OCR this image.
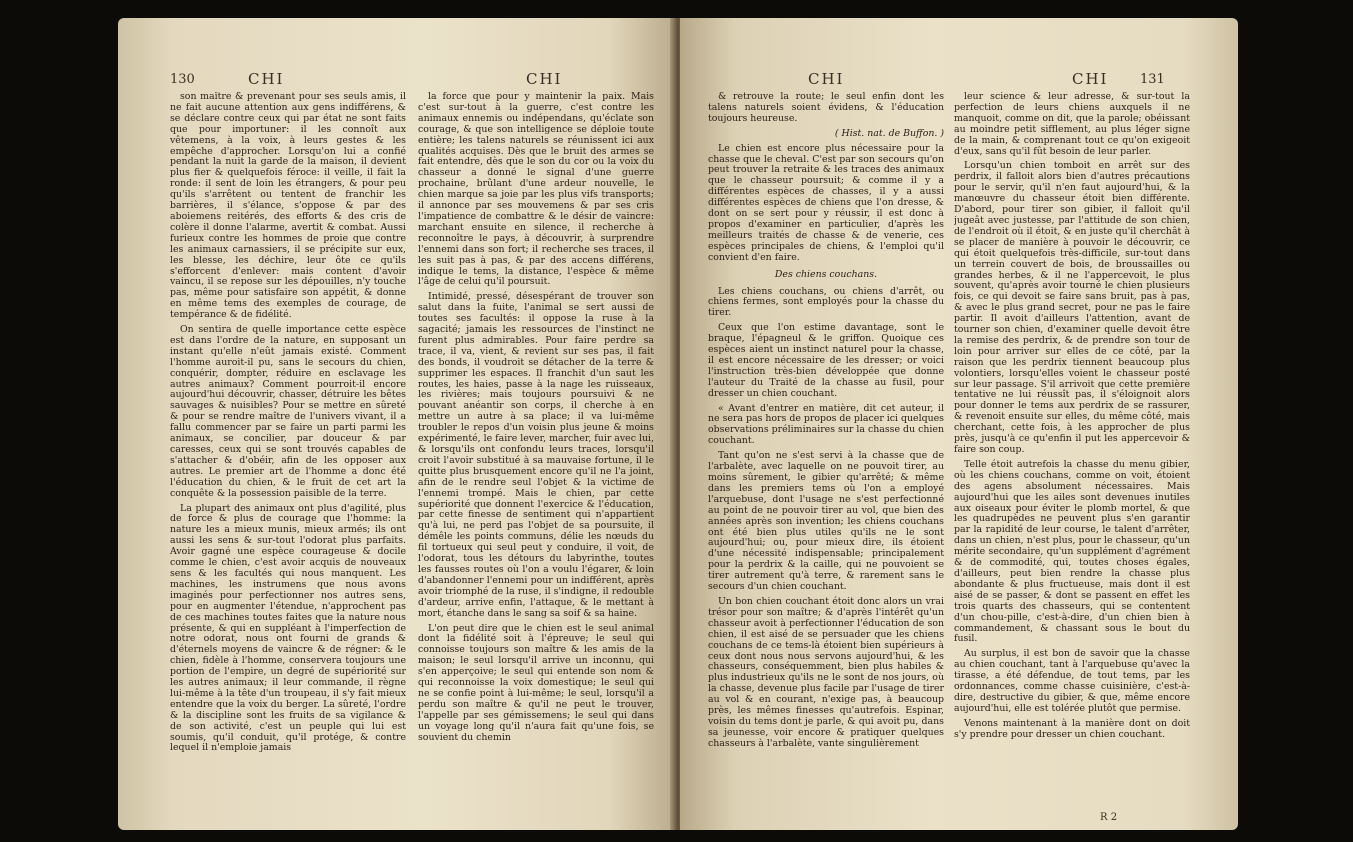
130	CHI	CHI

son maître & prevenant pour ses seuls amis, il ne fait aucune attention aux gens indifférens, & se déclare contre ceux qui par état ne sont faits que pour importuner: il les connoît aux vêtemens, à la voix, à leurs gestes & les empêche d'approcher. Lorsqu'on lui a confié pendant la nuit la garde de la maison, il devient plus fier & quelquefois féroce: il veille, il fait la ronde: il sent de loin les étrangers, & pour peu qu'ils s'arrêtent ou tentent de franchir les barrières, il s'élance, s'oppose & par des aboiemens reitérés, des efforts & des cris de colère il donne l'alarme, avertit & combat. Aussi furieux contre les hommes de proie que contre les animaux carnassiers, il se précipite sur eux, les blesse, les déchire, leur ôte ce qu'ils s'efforcent d'enlever: mais content d'avoir vaincu, il se repose sur les dépouilles, n'y touche pas, même pour satisfaire son appétit, & donne en même tems des exemples de courage, de tempérance & de fidélité.

On sentira de quelle importance cette espèce est dans l'ordre de la nature, en supposant un instant qu'elle n'eût jamais existé. Comment l'homme auroit-il pu, sans le secours du chien, conquérir, dompter, réduire en esclavage les autres animaux? Comment pourroit-il encore aujourd'hui découvrir, chasser, détruire les bêtes sauvages & nuisibles? Pour se mettre en sûreté & pour se rendre maître de l'univers vivant, il a fallu commencer par se faire un parti parmi les animaux, se concilier, par douceur & par caresses, ceux qui se sont trouvés capables de s'attacher & d'obéir, afin de les opposer aux autres. Le premier art de l'homme a donc été l'éducation du chien, & le fruit de cet art la conquête & la possession paisible de la terre.

La plupart des animaux ont plus d'agilité, plus de force & plus de courage que l'homme: la nature les a mieux munis, mieux armés; ils ont aussi les sens & sur-tout l'odorat plus parfaits. Avoir gagné une espèce courageuse & docile comme le chien, c'est avoir acquis de nouveaux sens & les facultés qui nous manquent. Les machines, les instrumens que nous avons imaginés pour perfectionner nos autres sens, pour en augmenter l'étendue, n'approchent pas de ces machines toutes faites que la nature nous présente, & qui en suppléant à l'imperfection de notre odorat, nous ont fourni de grands & d'éternels moyens de vaincre & de régner: & le chien, fidèle à l'homme, conservera toujours une portion de l'empire, un degré de supériorité sur les autres animaux; il leur commande, il règne lui-même à la tête d'un troupeau, il s'y fait mieux entendre que la voix du berger. La sûreté, l'ordre & la discipline sont les fruits de sa vigilance & de son activité, c'est un peuple qui lui est soumis, qu'il conduit, qu'il protége, & contre lequel il n'emploie jamais

la force que pour y maintenir la paix. Mais c'est sur-tout à la guerre, c'est contre les animaux ennemis ou indépendans, qu'éclate son courage, & que son intelligence se déploie toute entière; les talens naturels se réunissent ici aux qualités acquises. Dès que le bruit des armes se fait entendre, dès que le son du cor ou la voix du chasseur a donné le signal d'une guerre prochaine, brûlant d'une ardeur nouvelle, le chien marque sa joie par les plus vifs transports; il annonce par ses mouvemens & par ses cris l'impatience de combattre & le désir de vaincre: marchant ensuite en silence, il recherche à reconnoître le pays, à découvrir, à surprendre l'ennemi dans son fort; il recherche ses traces, il les suit pas à pas, & par des accens différens, indique le tems, la distance, l'espèce & même l'âge de celui qu'il poursuit.

Intimidé, pressé, désespérant de trouver son salut dans la fuite, l'animal se sert aussi de toutes ses facultés: il oppose la ruse à la sagacité; jamais les ressources de l'instinct ne furent plus admirables. Pour faire perdre sa trace, il va, vient, & revient sur ses pas, il fait des bonds, il voudroit se détacher de la terre & supprimer les espaces. Il franchit d'un saut les routes, les haies, passe à la nage les ruisseaux, les rivières; mais toujours poursuivi & ne pouvant anéantir son corps, il cherche à en mettre un autre à sa place; il va lui-même troubler le repos d'un voisin plus jeune & moins expérimenté, le faire lever, marcher, fuir avec lui, & lorsqu'ils ont confondu leurs traces, lorsqu'il croit l'avoir substitué à sa mauvaise fortune, il le quitte plus brusquement encore qu'il ne l'a joint, afin de le rendre seul l'objet & la victime de l'ennemi trompé. Mais le chien, par cette supériorité que donnent l'exercice & l'éducation, par cette finesse de sentiment qui n'appartient qu'à lui, ne perd pas l'objet de sa poursuite, il démêle les points communs, délie les nœuds du fil tortueux qui seul peut y conduire, il voit, de l'odorat, tous les détours du labyrinthe, toutes les fausses routes où l'on a voulu l'égarer, & loin d'abandonner l'ennemi pour un indifférent, après avoir triomphé de la ruse, il s'indigne, il redouble d'ardeur, arrive enfin, l'attaque, & le mettant à mort, étanche dans le sang sa soif & sa haine.

L'on peut dire que le chien est le seul animal dont la fidélité soit à l'épreuve; le seul qui connoisse toujours son maître & les amis de la maison; le seul lorsqu'il arrive un inconnu, qui s'en apperçoive; le seul qui entende son nom & qui reconnoisse la voix domestique; le seul qui ne se confie point à lui-même; le seul, lorsqu'il a perdu son maître & qu'il ne peut le trouver, l'appelle par ses gémissemens; le seul qui dans un voyage long qu'il n'aura fait qu'une fois, se souvient du chemin

CHI	CHI 131

& retrouve la route; le seul enfin dont les talens naturels soient évidens, & l'éducation toujours heureuse.

( Hist. nat. de Buffon. )

Le chien est encore plus nécessaire pour la chasse que le cheval. C'est par son secours qu'on peut trouver la retraite & les traces des animaux que le chasseur poursuit; & comme il y a différentes espèces de chasses, il y a aussi différentes espèces de chiens que l'on dresse, & dont on se sert pour y réussir, il est donc à propos d'examiner en particulier, d'après les meilleurs traités de chasse & de venerie, ces espèces principales de chiens, & l'emploi qu'il convient d'en faire.

Des chiens couchans.

Les chiens couchans, ou chiens d'arrêt, ou chiens fermes, sont employés pour la chasse du tirer.

Ceux que l'on estime davantage, sont le braque, l'épagneul & le griffon. Quoique ces espèces aient un instinct naturel pour la chasse, il est encore nécessaire de les dresser; or voici l'instruction très-bien développée que donne l'auteur du Traité de la chasse au fusil, pour dresser un chien couchant.

« Avant d'entrer en matière, dit cet auteur, il ne sera pas hors de propos de placer ici quelques observations préliminaires sur la chasse du chien couchant.

Tant qu'on ne s'est servi à la chasse que de l'arbalète, avec laquelle on ne pouvoit tirer, au moins sûrement, le gibier qu'arrêté; & même dans les premiers tems où l'on a employé l'arquebuse, dont l'usage ne s'est perfectionné au point de ne pouvoir tirer au vol, que bien des années après son invention; les chiens couchans ont été bien plus utiles qu'ils ne le sont aujourd'hui; ou, pour mieux dire, ils étoient d'une nécessité indispensable; principalement pour la perdrix & la caille, qui ne pouvoient se tirer autrement qu'à terre, & rarement sans le secours d'un chien couchant.

Un bon chien couchant étoit donc alors un vrai trésor pour son maître; & d'après l'intérêt qu'un chasseur avoit à perfectionner l'éducation de son chien, il est aisé de se persuader que les chiens couchans de ce tems-là étoient bien supérieurs à ceux dont nous nous servons aujourd'hui, & les chasseurs, conséquemment, bien plus habiles & plus industrieux qu'ils ne le sont de nos jours, où la chasse, devenue plus facile par l'usage de tirer au vol & en courant, n'exige pas, à beaucoup près, les mêmes finesses qu'autrefois. Espinar, voisin du tems dont je parle, & qui avoit pu, dans sa jeunesse, voir encore & pratiquer quelques chasseurs à l'arbalète, vante singulièrement

leur science & leur adresse, & sur-tout la perfection de leurs chiens auxquels il ne manquoit, comme on dit, que la parole; obéissant au moindre petit sifflement, au plus léger signe de la main, & comprenant tout ce qu'on exigeoit d'eux, sans qu'il fût besoin de leur parler.

Lorsqu'un chien tomboit en arrêt sur des perdrix, il falloit alors bien d'autres précautions pour le servir, qu'il n'en faut aujourd'hui, & la manœuvre du chasseur étoit bien différente. D'abord, pour tirer son gibier, il falloit qu'il jugeât avec justesse, par l'attitude de son chien, de l'endroit où il étoit, & en juste qu'il cherchât à se placer de manière à pouvoir le découvrir, ce qui étoit quelquefois très-difficile, sur-tout dans un terrein couvert de bois, de broussailles ou grandes herbes, & il ne l'appercevoit, le plus souvent, qu'après avoir tourné le chien plusieurs fois, ce qui devoit se faire sans bruit, pas à pas, & avec le plus grand secret, pour ne pas le faire partir. Il avoit d'ailleurs l'attention, avant de tourner son chien, d'examiner quelle devoit être la remise des perdrix, & de prendre son tour de loin pour arriver sur elles de ce côté, par la raison que les perdrix tiennent beaucoup plus volontiers, lorsqu'elles voient le chasseur posté sur leur passage. S'il arrivoit que cette première tentative ne lui réussît pas, il s'éloignoit alors pour donner le tems aux perdrix de se rassurer, & revenoit ensuite sur elles, du même côté, mais cherchant, cette fois, à les approcher de plus près, jusqu'à ce qu'enfin il put les appercevoir & faire son coup.

Telle étoit autrefois la chasse du menu gibier, où les chiens couchans, comme on voit, étoient des agens absolument nécessaires. Mais aujourd'hui que les ailes sont devenues inutiles aux oiseaux pour éviter le plomb mortel, & que les quadrupèdes ne peuvent plus s'en garantir par la rapidité de leur course, le talent d'arrêter, dans un chien, n'est plus, pour le chasseur, qu'un mérite secondaire, qu'un supplément d'agrément & de commodité, qui, toutes choses égales, d'ailleurs, peut bien rendre la chasse plus abondante & plus fructueuse, mais dont il est aisé de se passer, & dont se passent en effet les trois quarts des chasseurs, qui se contentent d'un chou-pille, c'est-à-dire, d'un chien bien à commandement, & chassant sous le bout du fusil.

Au surplus, il est bon de savoir que la chasse au chien couchant, tant à l'arquebuse qu'avec la tirasse, a été défendue, de tout tems, par les ordonnances, comme chasse cuisinière, c'est-à-dire, destructive du gibier, & que, même encore aujourd'hui, elle est tolérée plutôt que permise.

Venons maintenant à la manière dont on doit s'y prendre pour dresser un chien couchant.

R 2
